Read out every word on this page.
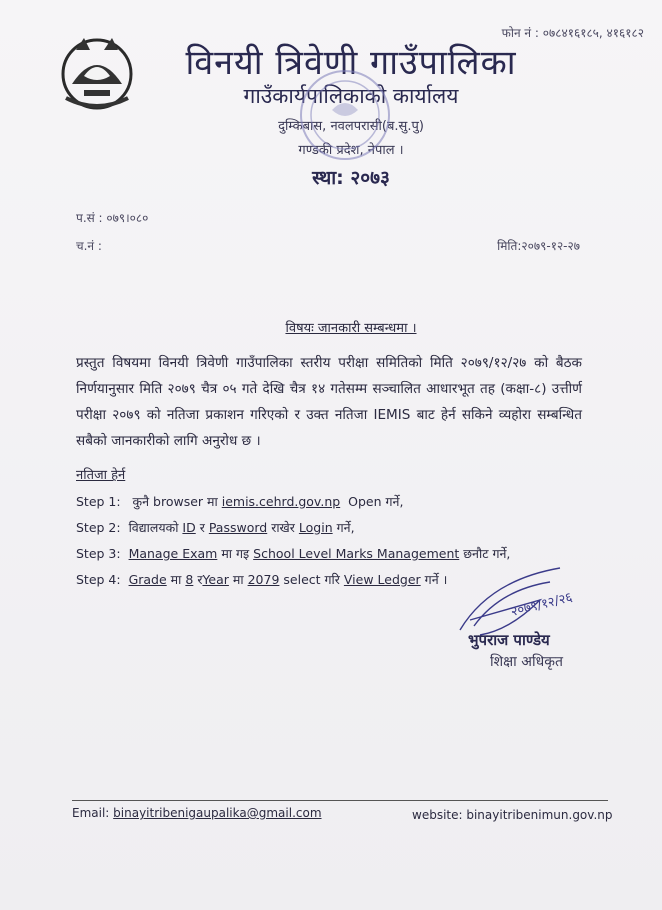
फोन नं : ०७८४१६१८५, ४१६१८२
विनयी त्रिवेणी गाउँपालिका
गाउँकार्यपालिकाको कार्यालय
दुम्किबास, नवलपरासी(ब.सु.पु)
गण्डकी प्रदेश, नेपाल ।
स्था: २०७३
प.सं : ०७९।०८०
च.नं :	मिति:२०७९-१२-२७
विषयः जानकारी सम्बन्धमा ।
प्रस्तुत विषयमा विनयी त्रिवेणी गाउँपालिका स्तरीय परीक्षा समितिको मिति २०७९/१२/२७ को बैठक निर्णयानुसार मिति २०७९ चैत्र ०५ गते देखि चैत्र १४ गतेसम्म सञ्चालित आधारभूत तह (कक्षा-८) उत्तीर्ण परीक्षा २०७९ को नतिजा प्रकाशन गरिएको र उक्त नतिजा IEMIS बाट हेर्न सकिने व्यहोरा सम्बन्धित सबैको जानकारीको लागि अनुरोध छ ।
नतिजा हेर्न
Step 1: कुनै browser मा iemis.cehrd.gov.np Open गर्ने,
Step 2: विद्यालयको ID र Password राखेर Login गर्ने,
Step 3: Manage Exam मा गइ School Level Marks Management छनौट गर्ने,
Step 4: Grade मा 8 रYear मा 2079 select गरि View Ledger गर्ने ।
२०७९/१२/२६
भुपराज पाण्डेय
शिक्षा अधिकृत
Email: binayitribenigaupalika@gmail.com	website: binayitribenimun.gov.np
